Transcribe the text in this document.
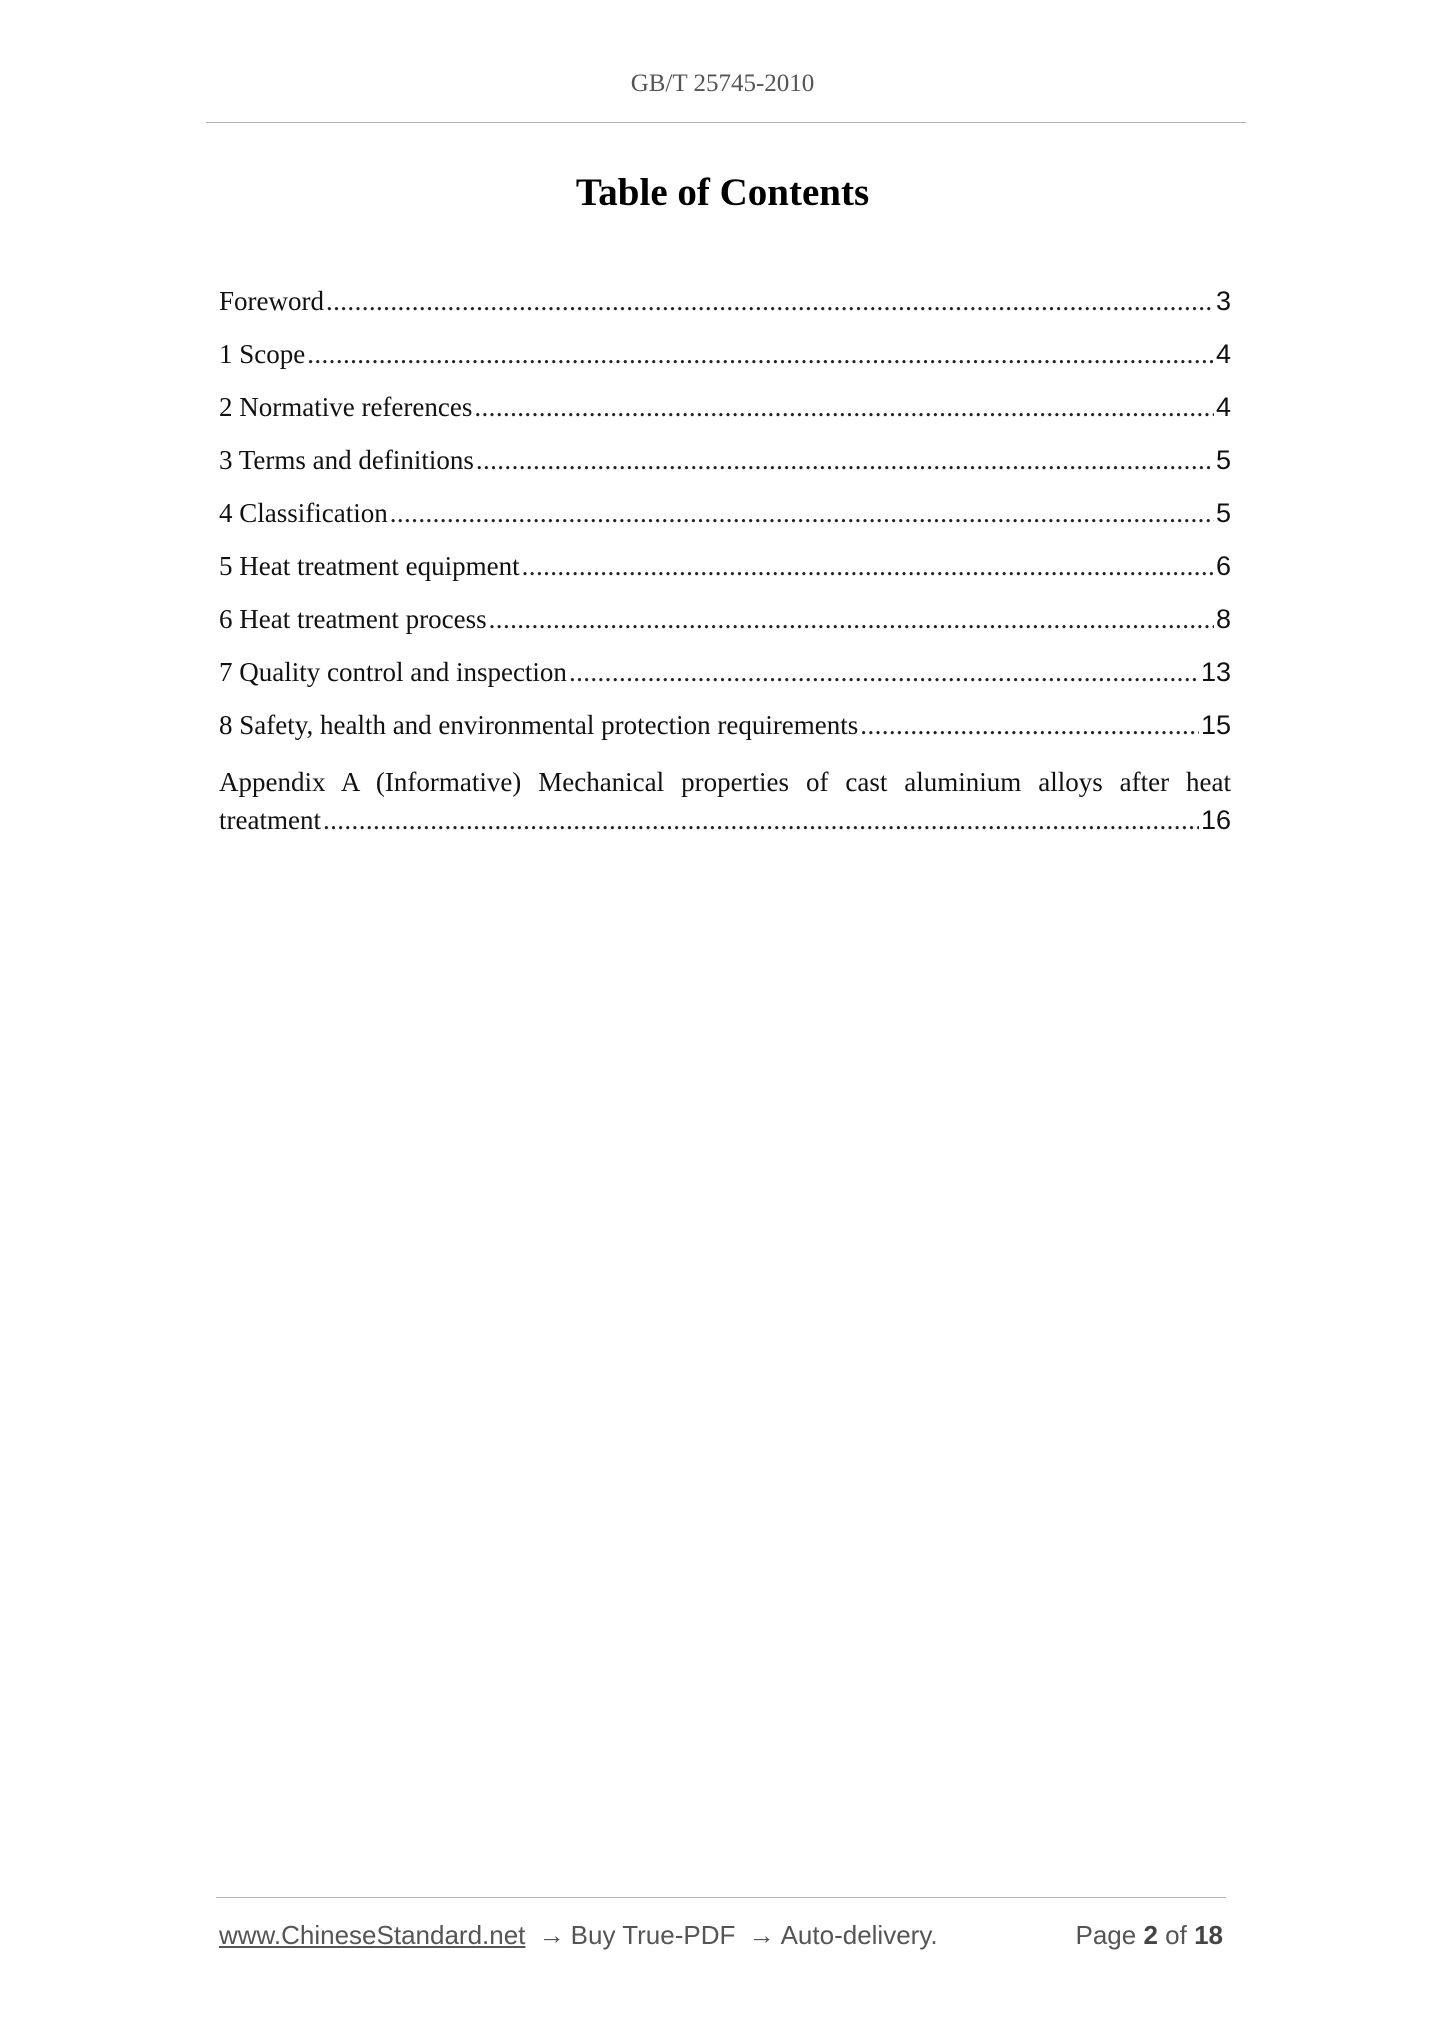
GB/T 25745-2010
Table of Contents
Foreword .....	3
1 Scope .....	4
2 Normative references .....	4
3 Terms and definitions .....	5
4 Classification .....	5
5 Heat treatment equipment .....	6
6 Heat treatment process .....	8
7 Quality control and inspection .....	13
8 Safety, health and environmental protection requirements .....	15
Appendix A (Informative) Mechanical properties of cast aluminium alloys after heat
treatment .....	16
www.ChineseStandard.net → Buy True-PDF → Auto-delivery.	Page 2 of 18
